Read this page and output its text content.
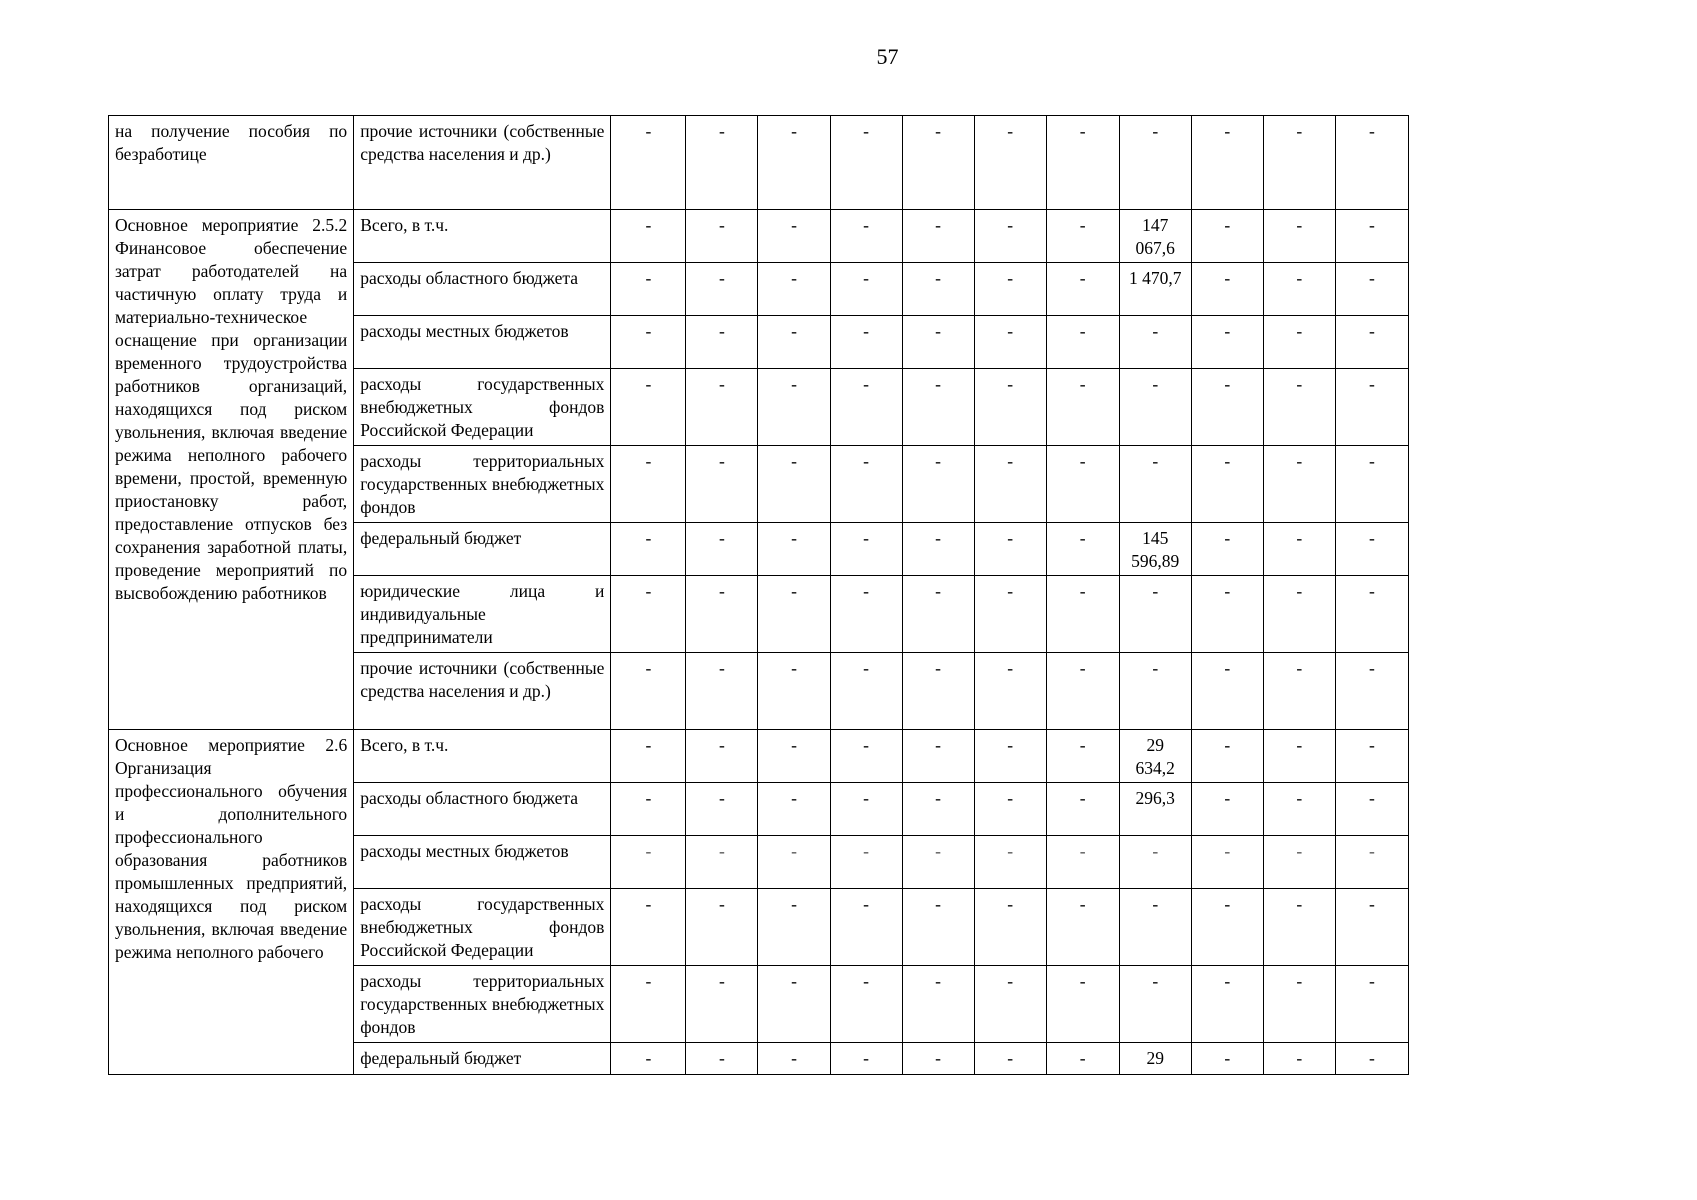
57
на получение пособия по безработице	прочие источники (собственные средства населения и др.)	-	-	-	-	-	-	-	-	-	-	-
Основное мероприятие 2.5.2 Финансовое обеспечение затрат работодателей на частичную оплату труда и материально-техническое оснащение при организации временного трудоустройства работников организаций, находящихся под риском увольнения, включая введение режима неполного рабочего времени, простой, временную приостановку работ, предоставление отпусков без сохранения заработной платы, проведение мероприятий по высвобождению работников	Всего, в т.ч.	-	-	-	-	-	-	-	147 067,6	-	-	-
	расходы областного бюджета	-	-	-	-	-	-	-	1 470,7	-	-	-
	расходы местных бюджетов	-	-	-	-	-	-	-	-	-	-	-
	расходы государственных внебюджетных фондов Российской Федерации	-	-	-	-	-	-	-	-	-	-	-
	расходы территориальных государственных внебюджетных фондов	-	-	-	-	-	-	-	-	-	-	-
	федеральный бюджет	-	-	-	-	-	-	-	145 596,89	-	-	-
	юридические лица и индивидуальные предприниматели	-	-	-	-	-	-	-	-	-	-	-
	прочие источники (собственные средства населения и др.)	-	-	-	-	-	-	-	-	-	-	-
Основное мероприятие 2.6 Организация профессионального обучения и дополнительного профессионального образования работников промышленных предприятий, находящихся под риском увольнения, включая введение режима неполного рабочего	Всего, в т.ч.	-	-	-	-	-	-	-	29 634,2	-	-	-
	расходы областного бюджета	-	-	-	-	-	-	-	296,3	-	-	-
	расходы местных бюджетов	-	-	-	-	-	-	-	-	-	-	-
	расходы государственных внебюджетных фондов Российской Федерации	-	-	-	-	-	-	-	-	-	-	-
	расходы территориальных государственных внебюджетных фондов	-	-	-	-	-	-	-	-	-	-	-
	федеральный бюджет	-	-	-	-	-	-	-	29	-	-	-
